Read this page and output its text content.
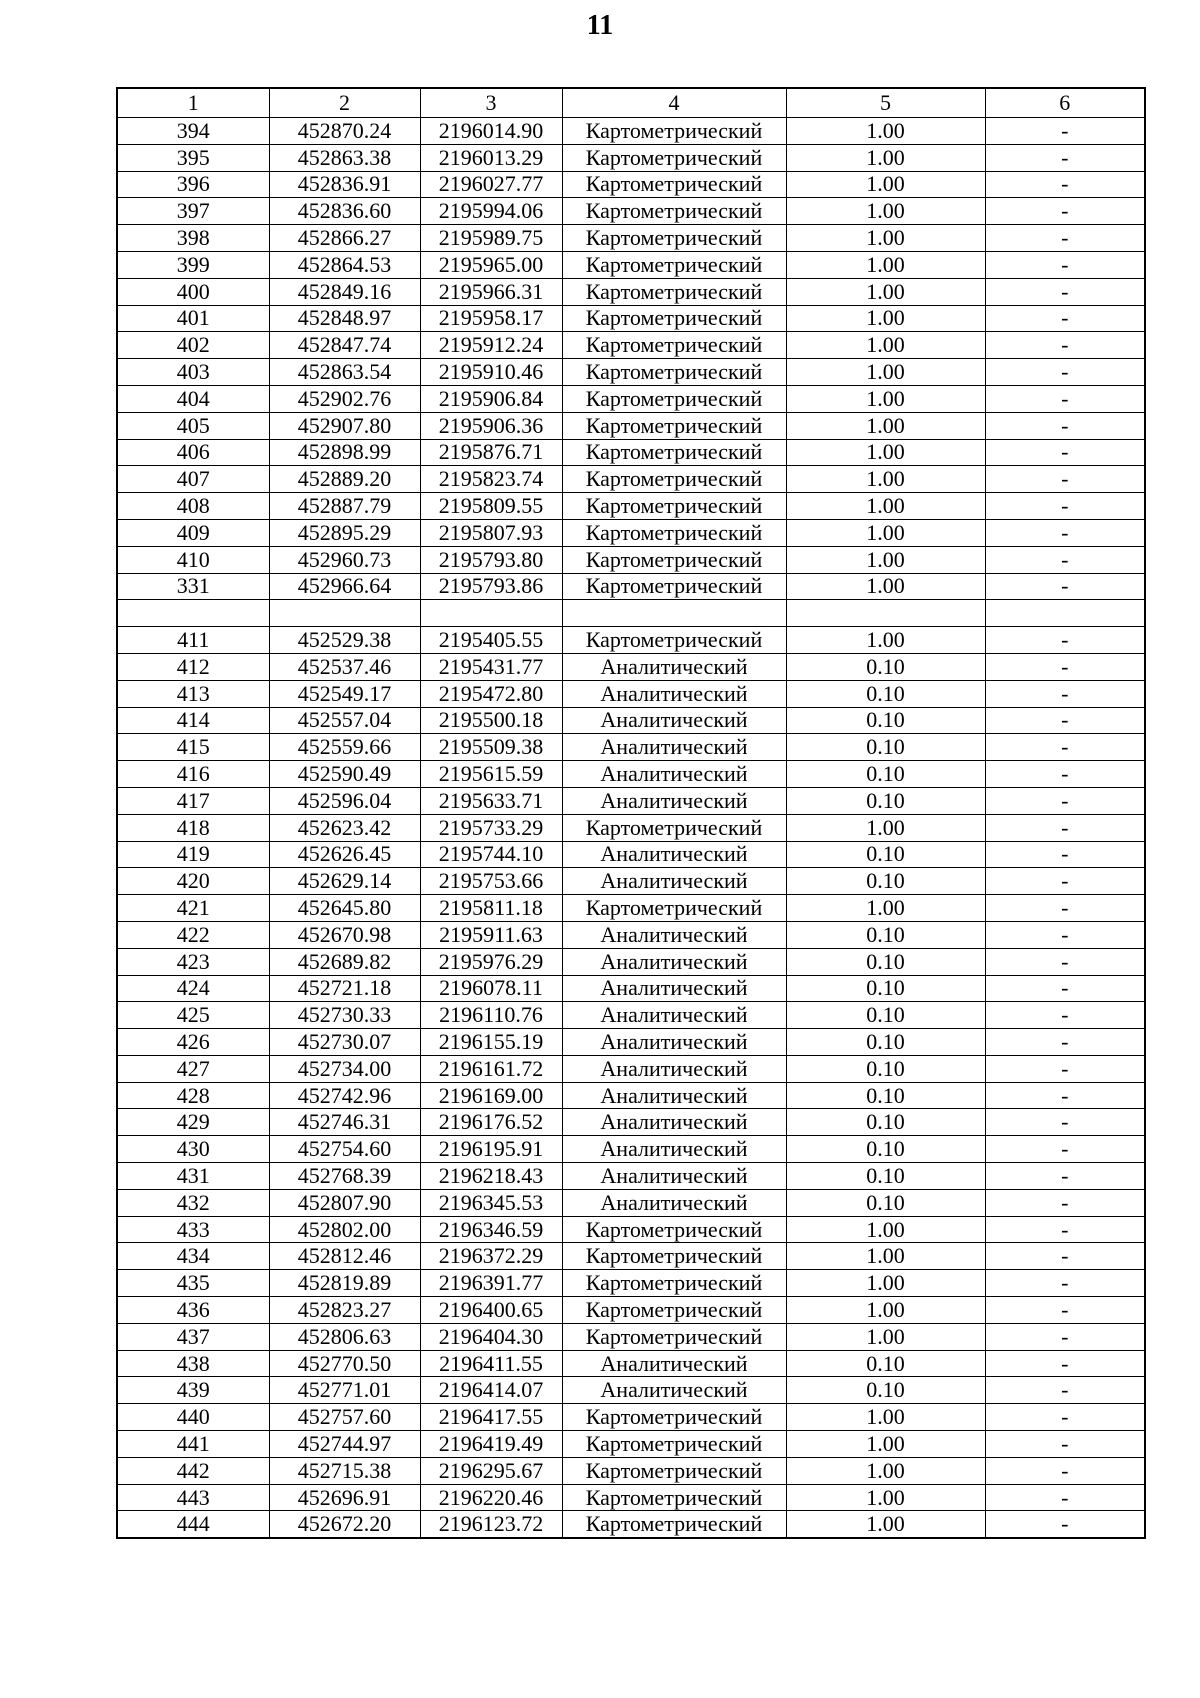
11
1	2	3	4	5	6
394	452870.24	2196014.90	Картометрический	1.00	-
395	452863.38	2196013.29	Картометрический	1.00	-
396	452836.91	2196027.77	Картометрический	1.00	-
397	452836.60	2195994.06	Картометрический	1.00	-
398	452866.27	2195989.75	Картометрический	1.00	-
399	452864.53	2195965.00	Картометрический	1.00	-
400	452849.16	2195966.31	Картометрический	1.00	-
401	452848.97	2195958.17	Картометрический	1.00	-
402	452847.74	2195912.24	Картометрический	1.00	-
403	452863.54	2195910.46	Картометрический	1.00	-
404	452902.76	2195906.84	Картометрический	1.00	-
405	452907.80	2195906.36	Картометрический	1.00	-
406	452898.99	2195876.71	Картометрический	1.00	-
407	452889.20	2195823.74	Картометрический	1.00	-
408	452887.79	2195809.55	Картометрический	1.00	-
409	452895.29	2195807.93	Картометрический	1.00	-
410	452960.73	2195793.80	Картометрический	1.00	-
331	452966.64	2195793.86	Картометрический	1.00	-

411	452529.38	2195405.55	Картометрический	1.00	-
412	452537.46	2195431.77	Аналитический	0.10	-
413	452549.17	2195472.80	Аналитический	0.10	-
414	452557.04	2195500.18	Аналитический	0.10	-
415	452559.66	2195509.38	Аналитический	0.10	-
416	452590.49	2195615.59	Аналитический	0.10	-
417	452596.04	2195633.71	Аналитический	0.10	-
418	452623.42	2195733.29	Картометрический	1.00	-
419	452626.45	2195744.10	Аналитический	0.10	-
420	452629.14	2195753.66	Аналитический	0.10	-
421	452645.80	2195811.18	Картометрический	1.00	-
422	452670.98	2195911.63	Аналитический	0.10	-
423	452689.82	2195976.29	Аналитический	0.10	-
424	452721.18	2196078.11	Аналитический	0.10	-
425	452730.33	2196110.76	Аналитический	0.10	-
426	452730.07	2196155.19	Аналитический	0.10	-
427	452734.00	2196161.72	Аналитический	0.10	-
428	452742.96	2196169.00	Аналитический	0.10	-
429	452746.31	2196176.52	Аналитический	0.10	-
430	452754.60	2196195.91	Аналитический	0.10	-
431	452768.39	2196218.43	Аналитический	0.10	-
432	452807.90	2196345.53	Аналитический	0.10	-
433	452802.00	2196346.59	Картометрический	1.00	-
434	452812.46	2196372.29	Картометрический	1.00	-
435	452819.89	2196391.77	Картометрический	1.00	-
436	452823.27	2196400.65	Картометрический	1.00	-
437	452806.63	2196404.30	Картометрический	1.00	-
438	452770.50	2196411.55	Аналитический	0.10	-
439	452771.01	2196414.07	Аналитический	0.10	-
440	452757.60	2196417.55	Картометрический	1.00	-
441	452744.97	2196419.49	Картометрический	1.00	-
442	452715.38	2196295.67	Картометрический	1.00	-
443	452696.91	2196220.46	Картометрический	1.00	-
444	452672.20	2196123.72	Картометрический	1.00	-
